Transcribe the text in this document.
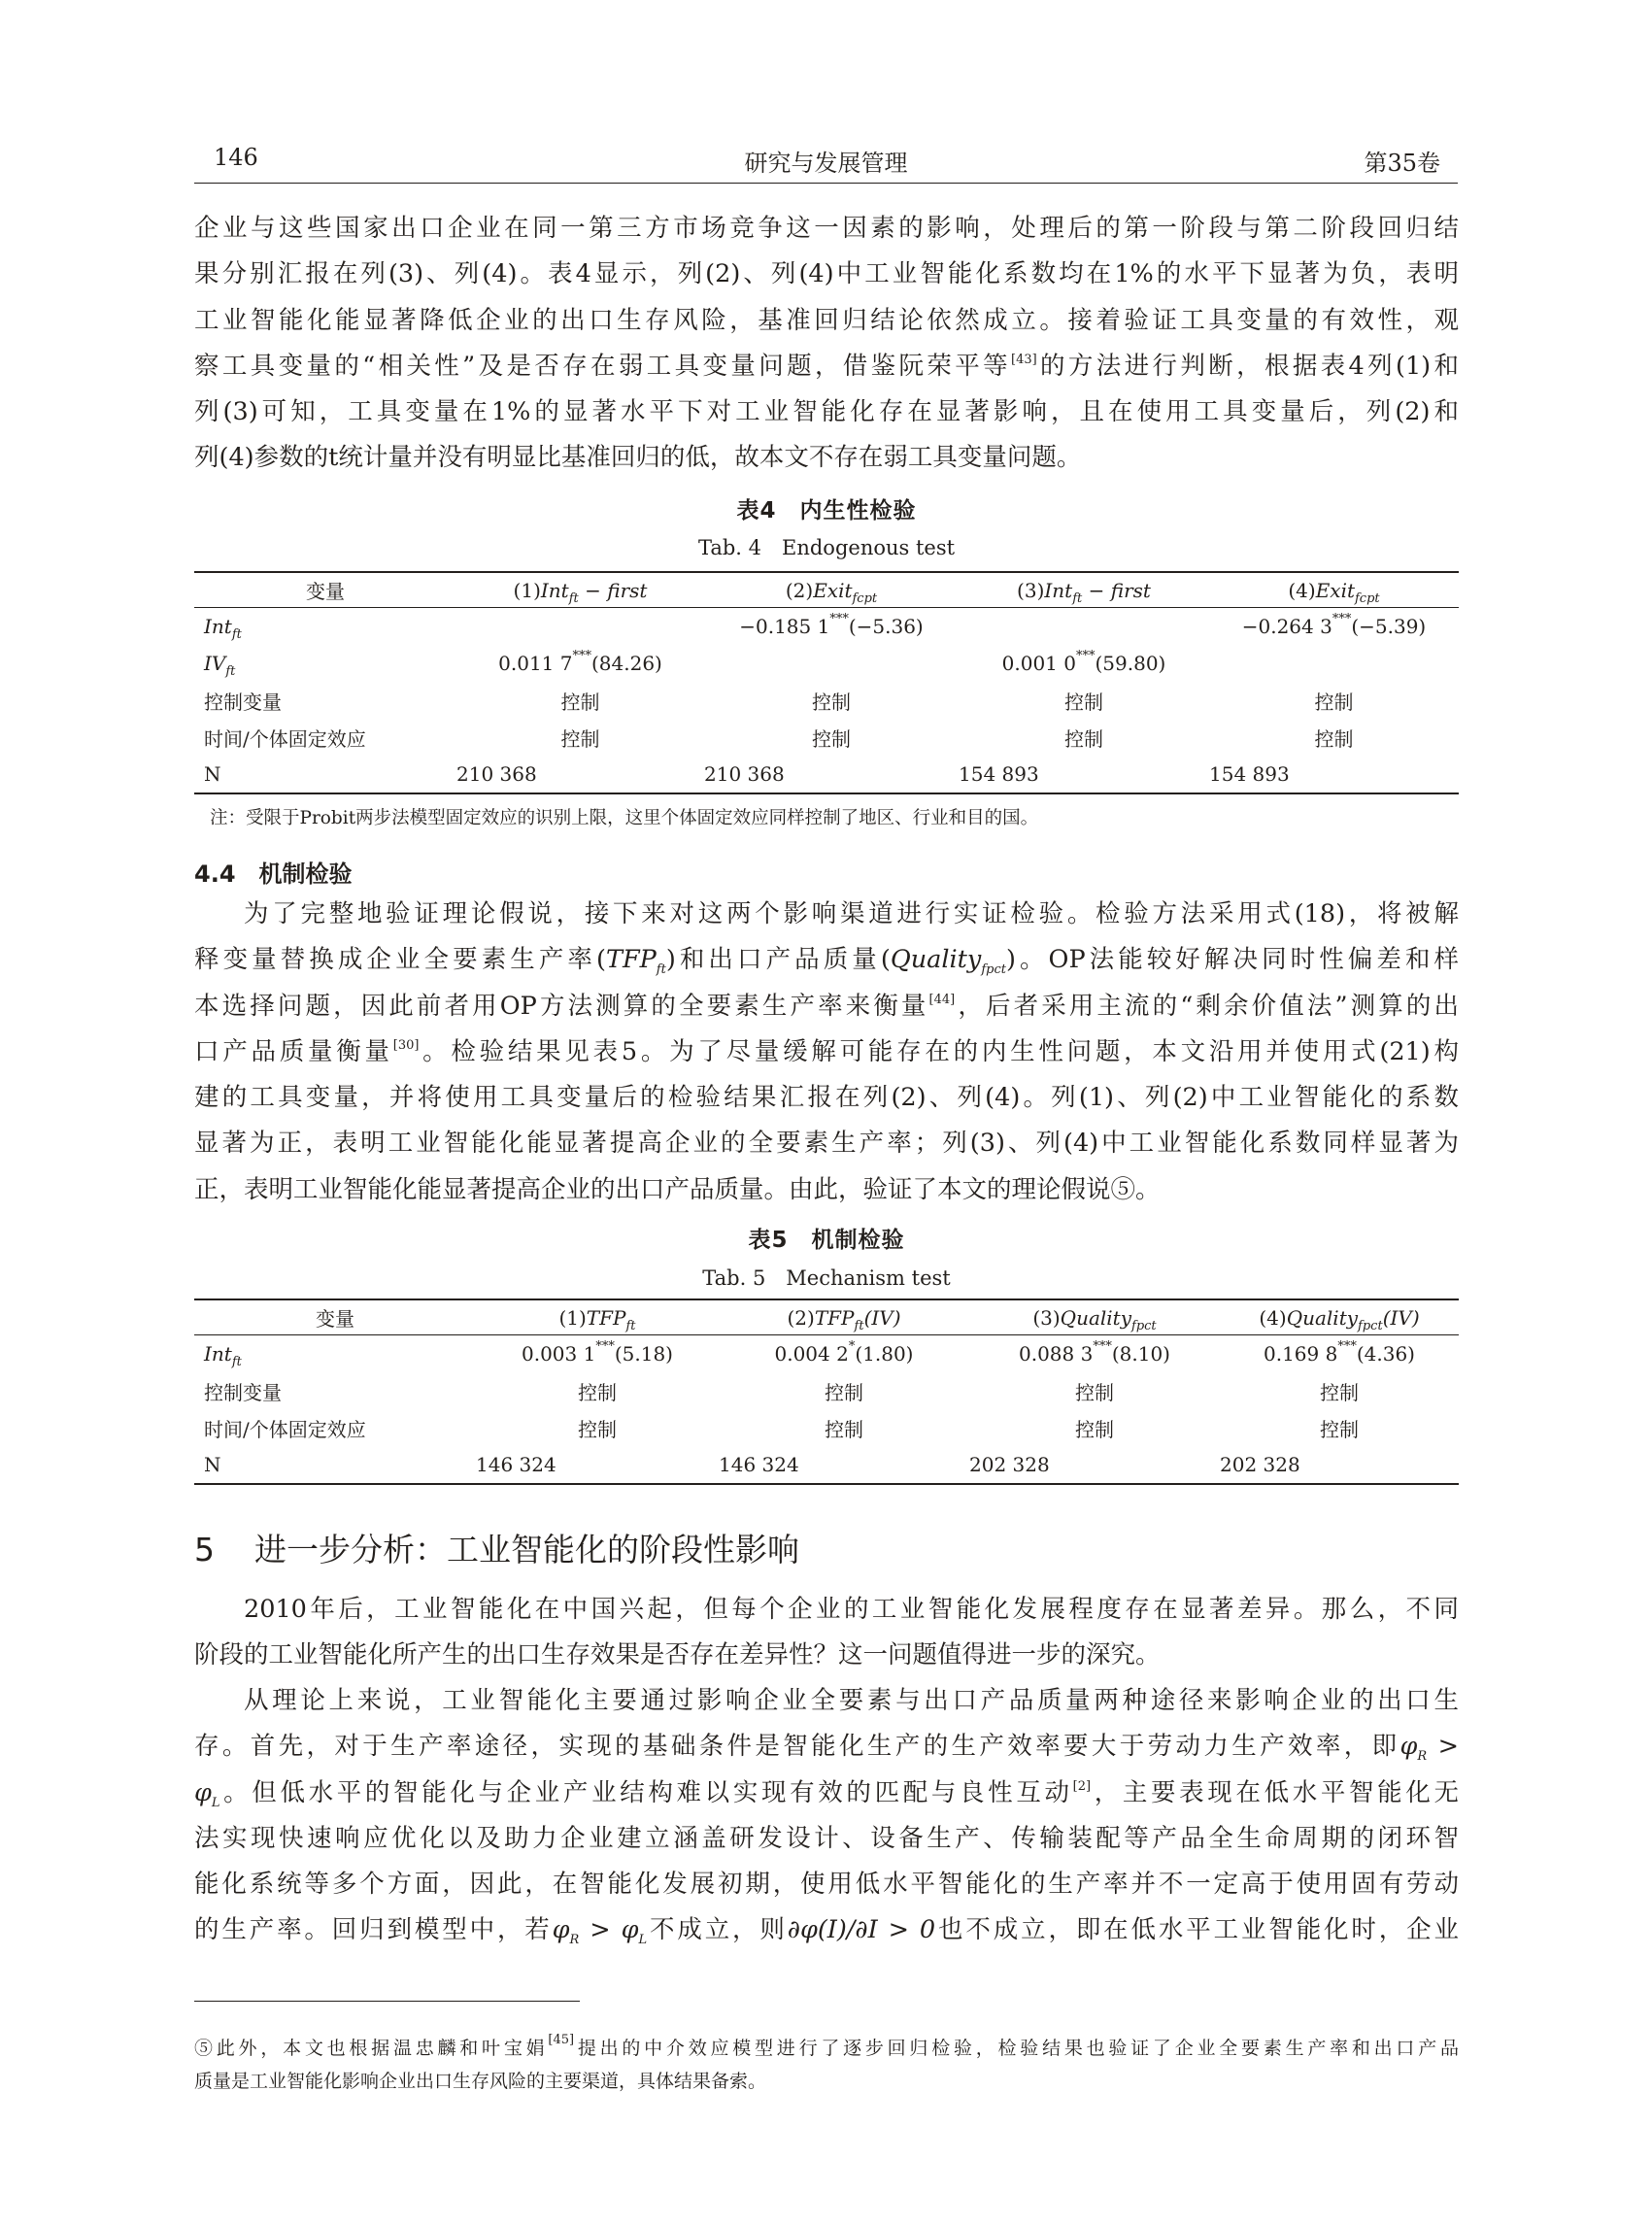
146	研究与发展管理	第35卷
企业与这些国家出口企业在同一第三方市场竞争这一因素的影响，处理后的第一阶段与第二阶段回归结
果分别汇报在列(3)、列(4)。表4显示，列(2)、列(4)中工业智能化系数均在1%的水平下显著为负，表明
工业智能化能显著降低企业的出口生存风险，基准回归结论依然成立。接着验证工具变量的有效性，观
察工具变量的“相关性”及是否存在弱工具变量问题，借鉴阮荣平等[43]的方法进行判断，根据表4列(1)和
列(3)可知，工具变量在1%的显著水平下对工业智能化存在显著影响，且在使用工具变量后，列(2)和
列(4)参数的t统计量并没有明显比基准回归的低，故本文不存在弱工具变量问题。
表4　内生性检验
Tab. 4　Endogenous test
变量	(1)Int$_{ft}$ − first	(2)Exit$_{fcpt}$	(3)Int$_{ft}$ − first	(4)Exit$_{fcpt}$
Int$_{ft}$		−0.185 1***(−5.36)		−0.264 3***(−5.39)
$IV_{ft}$	0.011 7***(84.26)		0.001 0***(59.80)	
控制变量	控制	控制	控制	控制
时间/个体固定效应	控制	控制	控制	控制
N	210 368	210 368	154 893	154 893
注：受限于Probit两步法模型固定效应的识别上限，这里个体固定效应同样控制了地区、行业和目的国。
4.4　机制检验
为了完整地验证理论假说，接下来对这两个影响渠道进行实证检验。检验方法采用式(18)，将被解
释变量替换成企业全要素生产率$(TFP_{ft})$和出口产品质量(Quality$_{fpct}$)。OP法能较好解决同时性偏差和样
本选择问题，因此前者用OP方法测算的全要素生产率来衡量[44]，后者采用主流的“剩余价值法”测算的出
口产品质量衡量[30]。检验结果见表5。为了尽量缓解可能存在的内生性问题，本文沿用并使用式(21)构
建的工具变量，并将使用工具变量后的检验结果汇报在列(2)、列(4)。列(1)、列(2)中工业智能化的系数
显著为正，表明工业智能化能显著提高企业的全要素生产率；列(3)、列(4)中工业智能化系数同样显著为
正，表明工业智能化能显著提高企业的出口产品质量。由此，验证了本文的理论假说⑤。
表5　机制检验
Tab. 5　Mechanism test
变量	$(1)TFP_{ft}$	$(2)TFP_{ft}(IV)$	(3)Quality$_{fpct}$	(4)Quality$_{fpct}$(IV)
Int$_{ft}$	0.003 1***(5.18)	0.004 2*(1.80)	0.088 3***(8.10)	0.169 8***(4.36)
控制变量	控制	控制	控制	控制
时间/个体固定效应	控制	控制	控制	控制
N	146 324	146 324	202 328	202 328
5 进一步分析：工业智能化的阶段性影响
2010年后，工业智能化在中国兴起，但每个企业的工业智能化发展程度存在显著差异。那么，不同
阶段的工业智能化所产生的出口生存效果是否存在差异性？这一问题值得进一步的深究。
从理论上来说，工业智能化主要通过影响企业全要素与出口产品质量两种途径来影响企业的出口生
存。首先，对于生产率途径，实现的基础条件是智能化生产的生产效率要大于劳动力生产效率，即$\varphi_R$ >
$\varphi_L$。但低水平的智能化与企业产业结构难以实现有效的匹配与良性互动[2]，主要表现在低水平智能化无
法实现快速响应优化以及助力企业建立涵盖研发设计、设备生产、传输装配等产品全生命周期的闭环智
能化系统等多个方面，因此，在智能化发展初期，使用低水平智能化的生产率并不一定高于使用固有劳动
的生产率。回归到模型中，若$\varphi_R > \varphi_L$不成立，则∂φ(I)/∂I > 0也不成立，即在低水平工业智能化时，企业
⑤此外，本文也根据温忠麟和叶宝娟[45]提出的中介效应模型进行了逐步回归检验，检验结果也验证了企业全要素生产率和出口产品
质量是工业智能化影响企业出口生存风险的主要渠道，具体结果备索。
